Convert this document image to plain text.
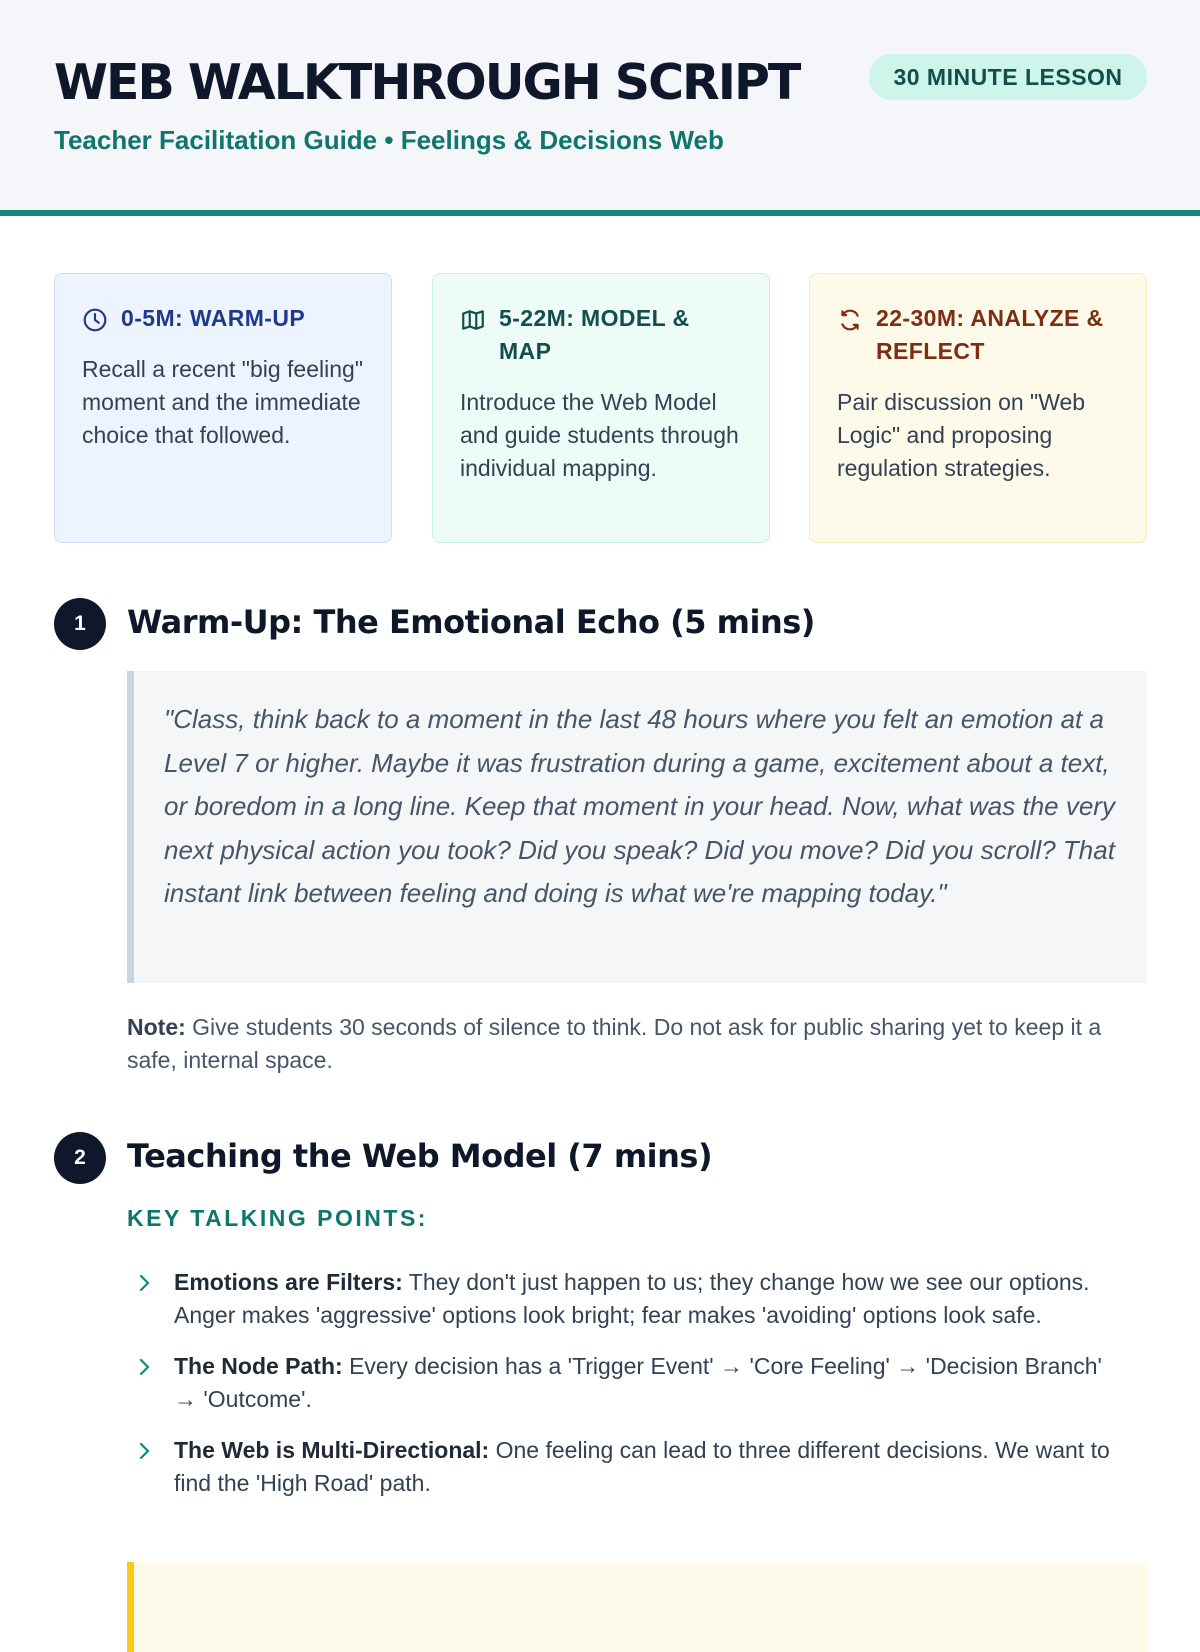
WEB WALKTHROUGH SCRIPT
Teacher Facilitation Guide • Feelings & Decisions Web
30 MINUTE LESSON
0-5M: WARM-UP
Recall a recent "big feeling" moment and the immediate choice that followed.
5-22M: MODEL & MAP
Introduce the Web Model and guide students through individual mapping.
22-30M: ANALYZE & REFLECT
Pair discussion on "Web Logic" and proposing regulation strategies.
1	Warm-Up: The Emotional Echo (5 mins)
"Class, think back to a moment in the last 48 hours where you felt an emotion at a Level 7 or higher. Maybe it was frustration during a game, excitement about a text, or boredom in a long line. Keep that moment in your head. Now, what was the very next physical action you took? Did you speak? Did you move? Did you scroll? That instant link between feeling and doing is what we're mapping today."

Note: Give students 30 seconds of silence to think. Do not ask for public sharing yet to keep it a safe, internal space.

2	Teaching the Web Model (7 mins)
KEY TALKING POINTS:
Emotions are Filters: They don't just happen to us; they change how we see our options. Anger makes 'aggressive' options look bright; fear makes 'avoiding' options look safe.
The Node Path: Every decision has a 'Trigger Event' → 'Core Feeling' → 'Decision Branch' → 'Outcome'.
The Web is Multi-Directional: One feeling can lead to three different decisions. We want to find the 'High Road' path.
